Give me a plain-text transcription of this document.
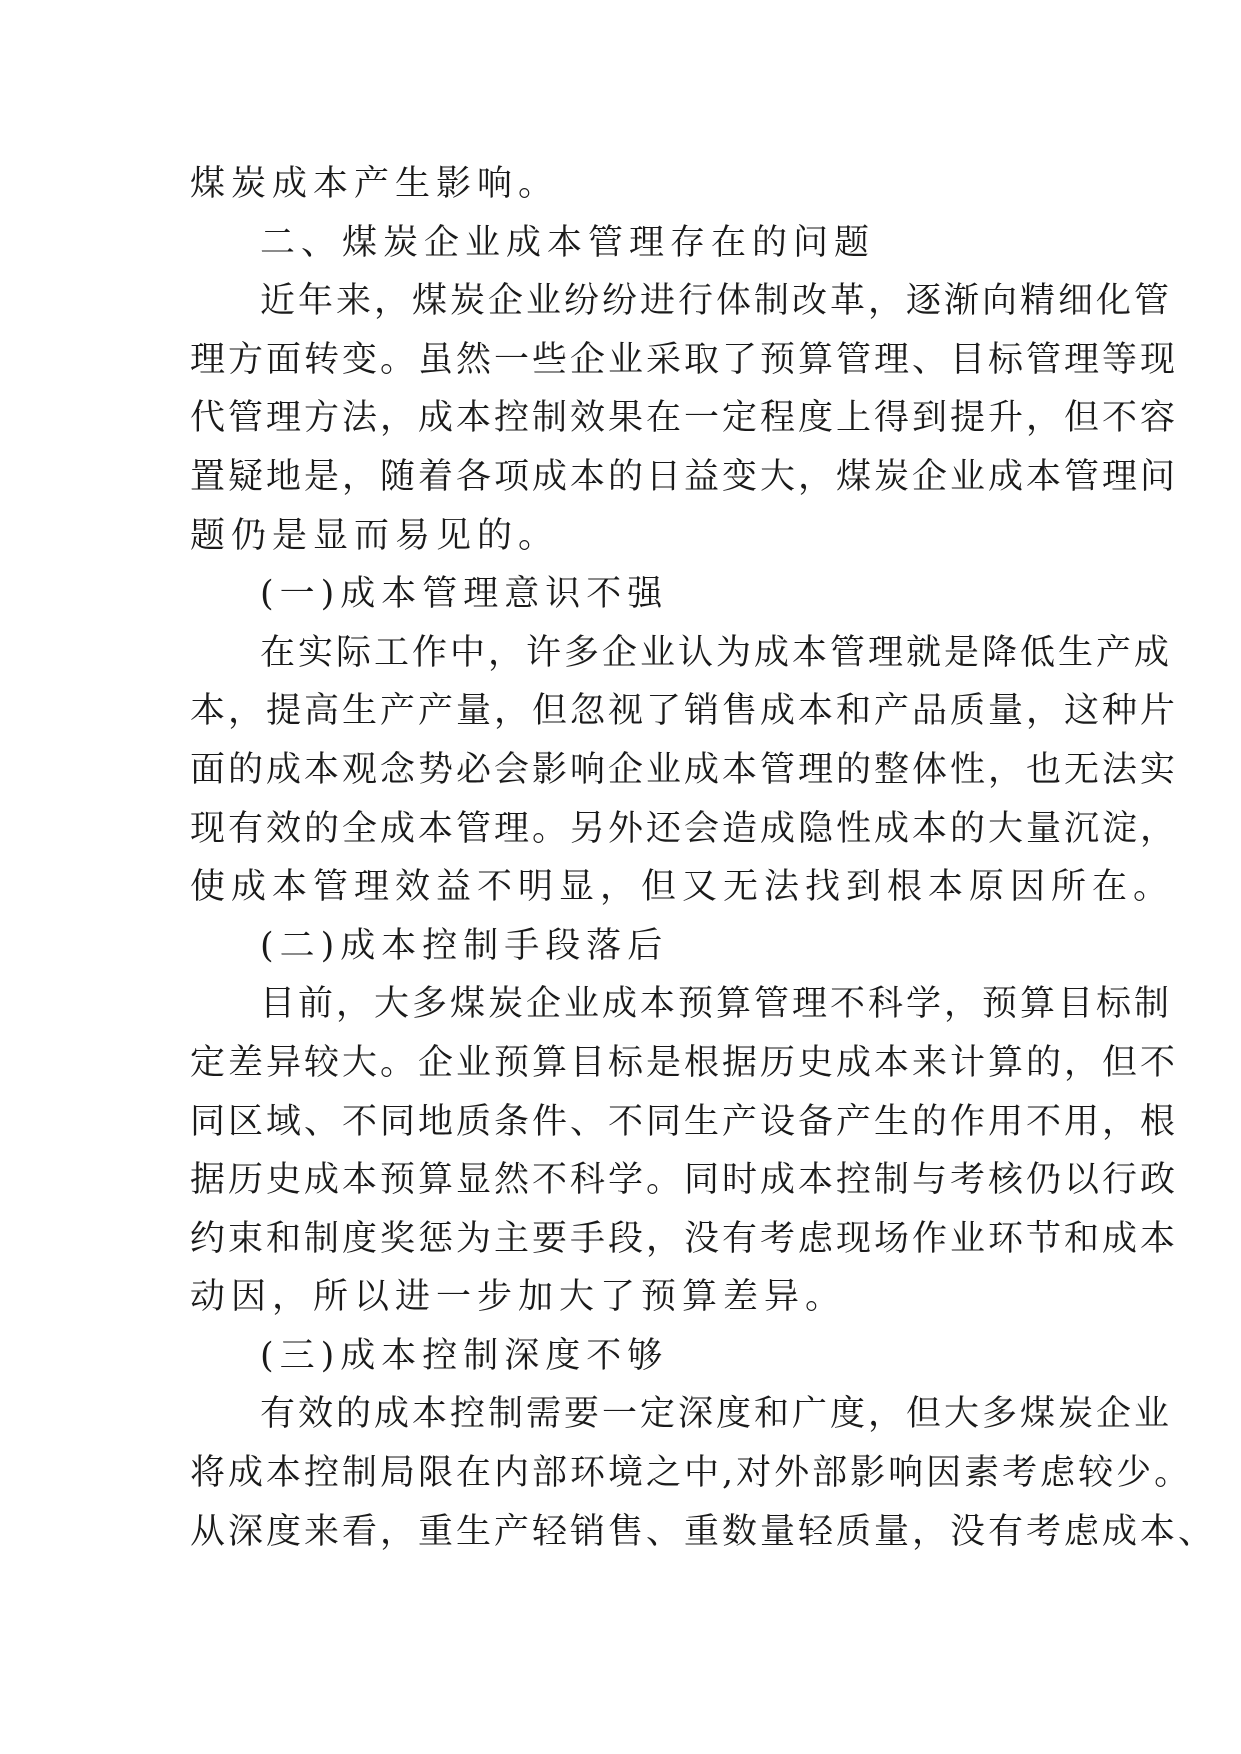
煤炭成本产生影响。
二、煤炭企业成本管理存在的问题
近年来，煤炭企业纷纷进行体制改革，逐渐向精细化管
理方面转变。虽然一些企业采取了预算管理、目标管理等现
代管理方法，成本控制效果在一定程度上得到提升，但不容
置疑地是，随着各项成本的日益变大，煤炭企业成本管理问
题仍是显而易见的。
(一)成本管理意识不强
在实际工作中，许多企业认为成本管理就是降低生产成
本，提高生产产量，但忽视了销售成本和产品质量，这种片
面的成本观念势必会影响企业成本管理的整体性，也无法实
现有效的全成本管理。另外还会造成隐性成本的大量沉淀，
使成本管理效益不明显，但又无法找到根本原因所在。
(二)成本控制手段落后
目前，大多煤炭企业成本预算管理不科学，预算目标制
定差异较大。企业预算目标是根据历史成本来计算的，但不
同区域、不同地质条件、不同生产设备产生的作用不用，根
据历史成本预算显然不科学。同时成本控制与考核仍以行政
约束和制度奖惩为主要手段，没有考虑现场作业环节和成本
动因，所以进一步加大了预算差异。
(三)成本控制深度不够
有效的成本控制需要一定深度和广度，但大多煤炭企业
将成本控制局限在内部环境之中,对外部影响因素考虑较少。
从深度来看，重生产轻销售、重数量轻质量，没有考虑成本、
